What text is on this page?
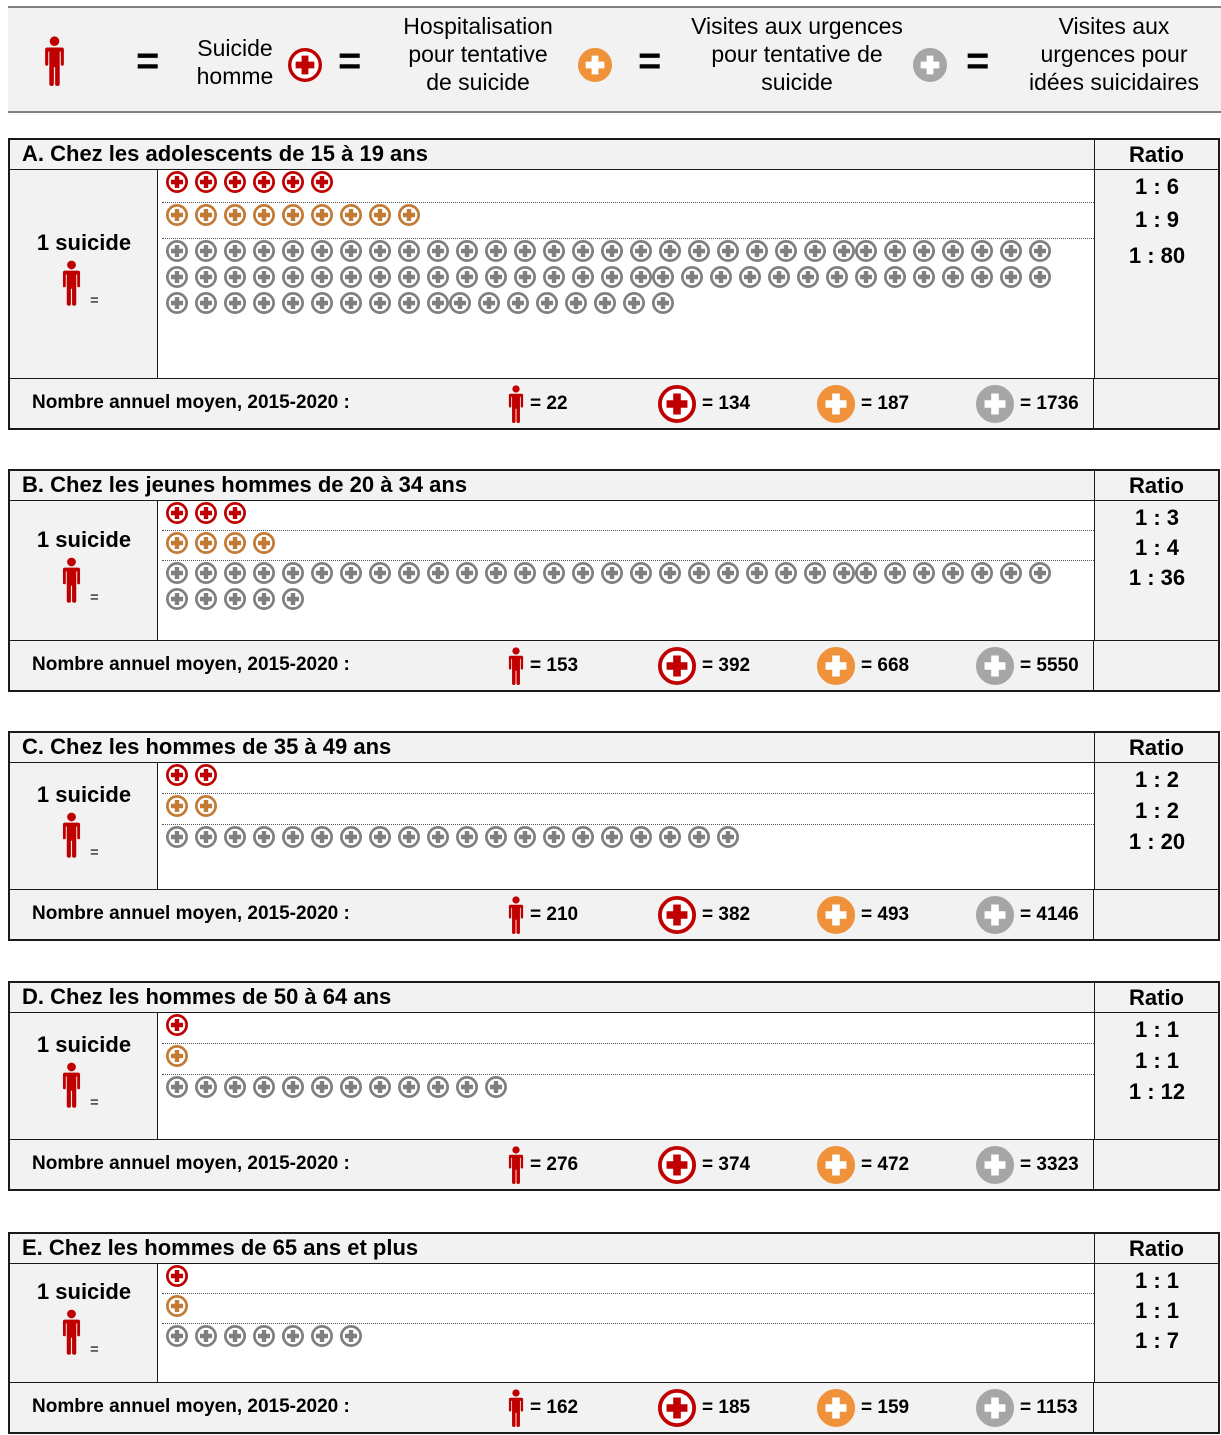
=	Suicide
homme	=
Hospitalisation
pour tentative
de suicide	=
Visites aux urgences
pour tentative de
suicide	=
Visites aux
urgences pour
idées suicidaires
A. Chez les adolescents de 15 à 19 ans	Ratio
1 suicide
=
1 : 6
1 : 9
1 : 80
Nombre annuel moyen, 2015-2020 :	= 22	= 134	= 187	= 1736
B. Chez les jeunes hommes de 20 à 34 ans	Ratio
1 suicide
=
1 : 3
1 : 4
1 : 36
Nombre annuel moyen, 2015-2020 :	= 153	= 392	= 668	= 5550
C. Chez les hommes de 35 à 49 ans	Ratio
1 suicide
=
1 : 2
1 : 2
1 : 20
Nombre annuel moyen, 2015-2020 :	= 210	= 382	= 493	= 4146
D. Chez les hommes de 50 à 64 ans	Ratio
1 suicide
=
1 : 1
1 : 1
1 : 12
Nombre annuel moyen, 2015-2020 :	= 276	= 374	= 472	= 3323
E. Chez les hommes de 65 ans et plus	Ratio
1 suicide
=
1 : 1
1 : 1
1 : 7
Nombre annuel moyen, 2015-2020 :	= 162	= 185	= 159	= 1153
